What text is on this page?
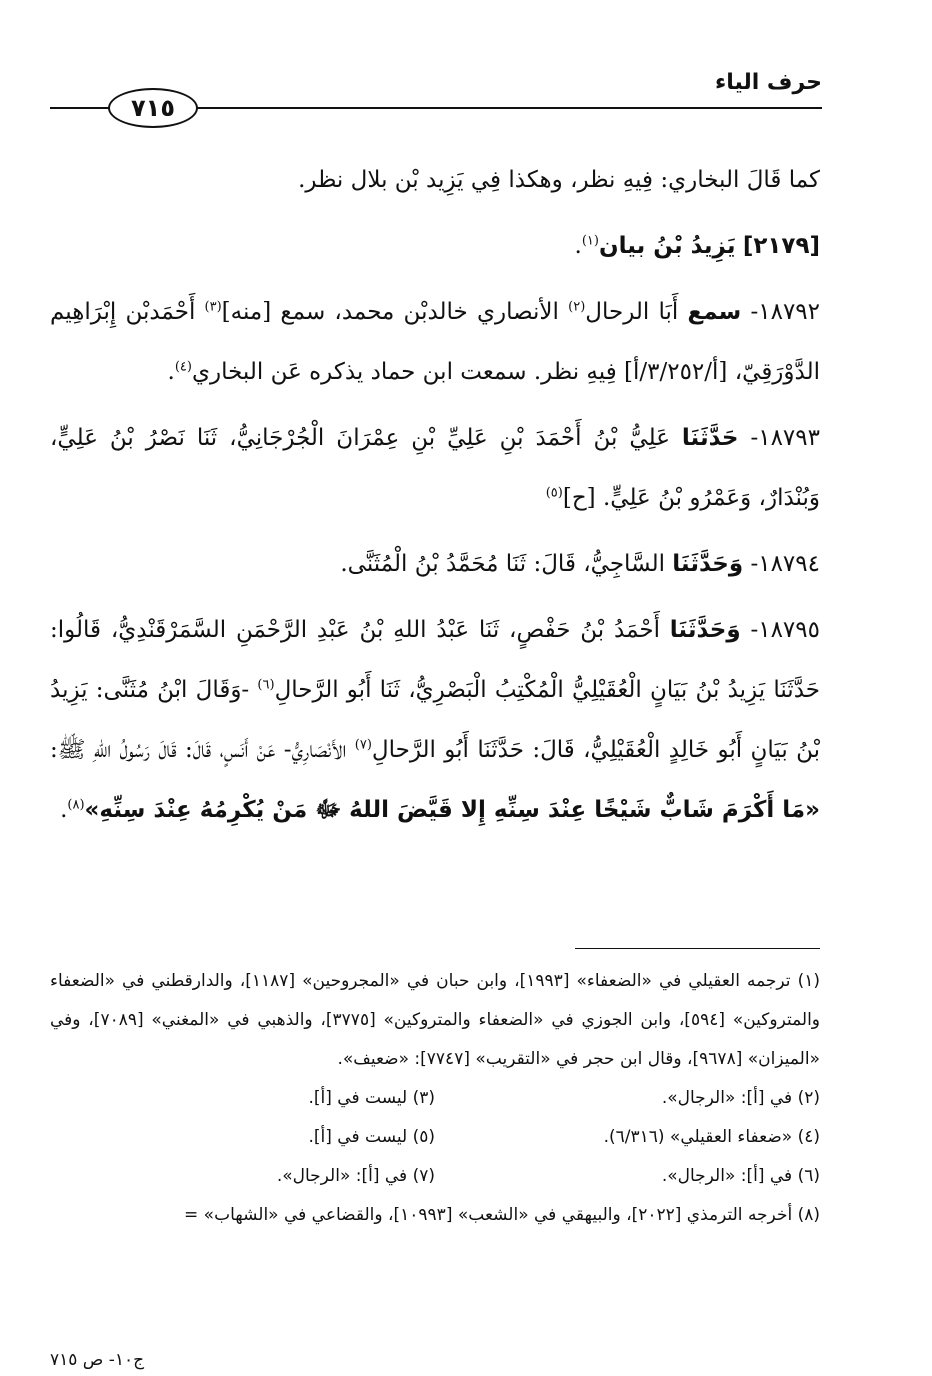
حرف الياء
٧١٥

كما قَالَ البخاري: فِيهِ نظر، وهكذا فِي يَزِيد بْن بلال نظر.

[٢١٧٩] يَزِيدُ بْنُ بيان$^{(١)}$.

١٨٧٩٢- سمع أَبَا الرحال$^{(٢)}$ الأنصاري خالدبْن محمد، سمع [منه]$^{(٣)}$ أَحْمَدبْن إِبْرَاهِيم الدَّوْرَقِيّ، [أ/٣/٢٥٢/أ] فِيهِ نظر. سمعت ابن حماد يذكره عَن البخاري$^{(٤)}$.

١٨٧٩٣- حَدَّثَنَا عَلِيُّ بْنُ أَحْمَدَ بْنِ عَلِيِّ بْنِ عِمْرَانَ الْجُرْجَانِيُّ، ثَنَا نَصْرُ بْنُ عَلِيٍّ، وَبُنْدَارٌ، وَعَمْرُو بْنُ عَلِيٍّ. [ح]$^{(٥)}$

١٨٧٩٤- وَحَدَّثَنَا السَّاجِيُّ، قَالَ: ثَنَا مُحَمَّدُ بْنُ الْمُثَنَّى.

١٨٧٩٥- وَحَدَّثَنَا أَحْمَدُ بْنُ حَفْصٍ، ثَنَا عَبْدُ اللهِ بْنُ عَبْدِ الرَّحْمَنِ السَّمَرْقَنْدِيُّ، قَالُوا: حَدَّثَنَا يَزِيدُ بْنُ بَيَانٍ الْعُقَيْلِيُّ الْمُكْتِبُ الْبَصْرِيُّ، ثَنَا أَبُو الرَّحالِ$^{(٦)}$ -وَقَالَ ابْنُ مُثَنَّى: يَزِيدُ بْنُ بَيَانٍ أَبُو خَالِدٍ الْعُقَيْلِيُّ، قَالَ: حَدَّثَنَا أَبُو الرَّحالِ$^{(٧)}$ الأَنْصَارِيُّ- عَنْ أَنَسٍ، قَالَ: قَالَ رَسُولُ اللهِ ﷺ: «مَا أَكْرَمَ شَابٌّ شَيْخًا عِنْدَ سِنِّهِ إِلا قَيَّضَ اللهُ ﷻ مَنْ يُكْرِمُهُ عِنْدَ سِنِّهِ»$^{(٨)}$.

(١) ترجمه العقيلي في «الضعفاء» [١٩٩٣]، وابن حبان في «المجروحين» [١١٨٧]، والدارقطني في «الضعفاء والمتروكين» [٥٩٤]، وابن الجوزي في «الضعفاء والمتروكين» [٣٧٧٥]، والذهبي في «المغني» [٧٠٨٩]، وفي «الميزان» [٩٦٧٨]، وقال ابن حجر في «التقريب» [٧٧٤٧]: «ضعيف».

(٢) في [أ]: «الرجال».

(٣) ليست في [أ].

(٤) «ضعفاء العقيلي» (٦/٣١٦).

(٥) ليست في [أ].

(٦) في [أ]: «الرجال».

(٧) في [أ]: «الرجال».

(٨) أخرجه الترمذي [٢٠٢٢]، والبيهقي في «الشعب» [١٠٩٩٣]، والقضاعي في «الشهاب» =

ج١٠- ص ٧١٥
